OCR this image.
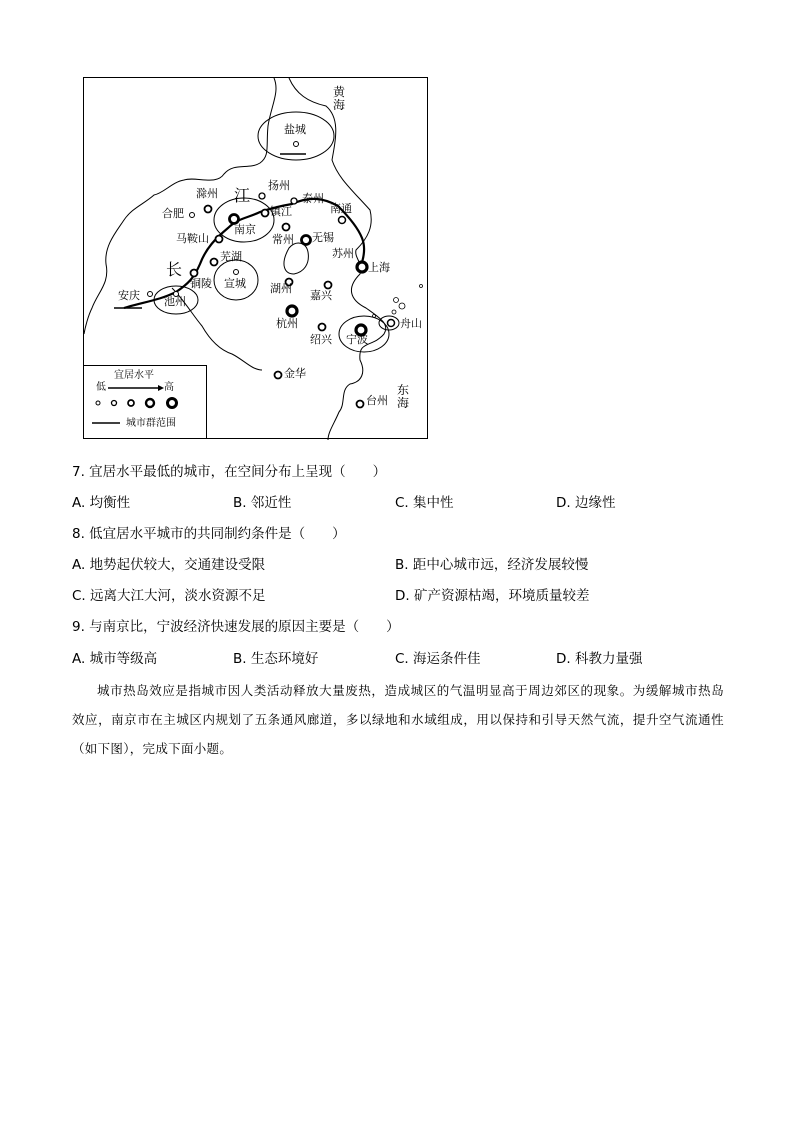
黄
海
东
海
长
江
盐城
扬州
泰州
滁州
合肥	镇江	南通
南京
常州 无锡
马鞍山
苏州
芜湖
上海
铜陵 宣城 湖州
嘉兴
安庆 池州
杭州	舟山
绍兴 宁波
金华
台州
宜居水平
低	高
城市群范围
7. 宜居水平最低的城市，在空间分布上呈现（　　）
A. 均衡性	B. 邻近性	C. 集中性	D. 边缘性
8. 低宜居水平城市的共同制约条件是（　　）
A. 地势起伏较大，交通建设受限	B. 距中心城市远，经济发展较慢
C. 远离大江大河，淡水资源不足	D. 矿产资源枯竭，环境质量较差
9. 与南京比，宁波经济快速发展的原因主要是（　　）
A. 城市等级高	B. 生态环境好	C. 海运条件佳	D. 科教力量强
城市热岛效应是指城市因人类活动释放大量废热，造成城区的气温明显高于周边郊区的现象。为缓解城市热岛效应，南京市在主城区内规划了五条通风廊道，多以绿地和水域组成，用以保持和引导天然气流，提升空气流通性（如下图），完成下面小题。
